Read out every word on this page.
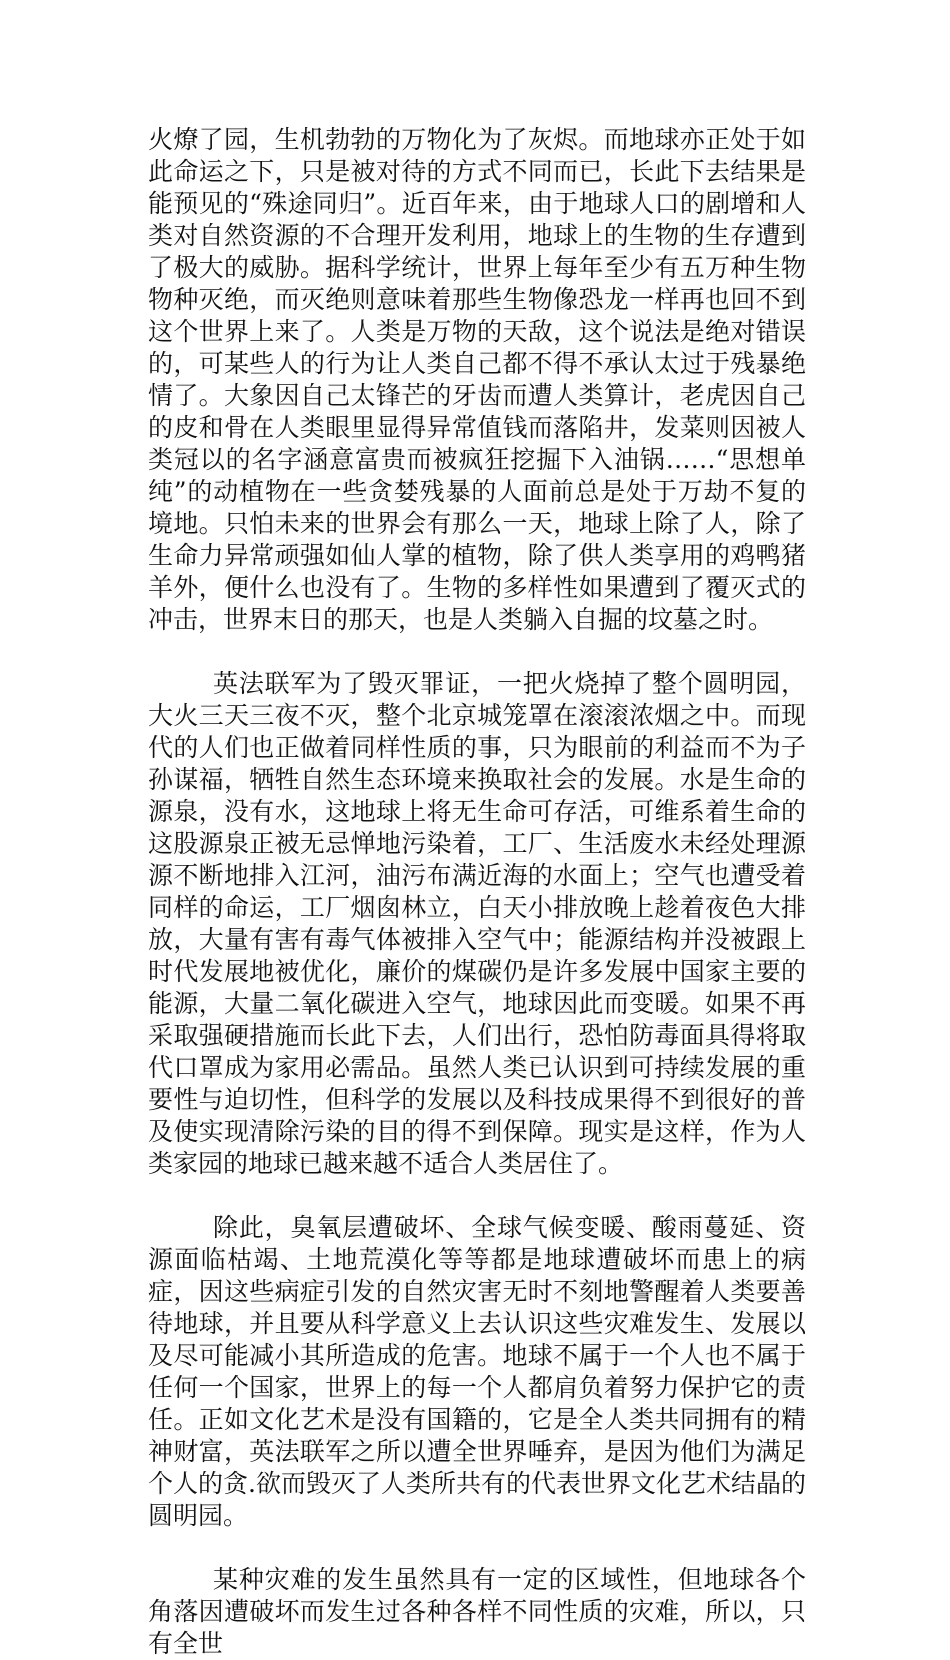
火燎了园，生机勃勃的万物化为了灰烬。而地球亦正处于如此命运之下，只是被对待的方式不同而已，长此下去结果是能预见的“殊途同归”。近百年来，由于地球人口的剧增和人类对自然资源的不合理开发利用，地球上的生物的生存遭到了极大的威胁。据科学统计，世界上每年至少有五万种生物物种灭绝，而灭绝则意味着那些生物像恐龙一样再也回不到这个世界上来了。人类是万物的天敌，这个说法是绝对错误的，可某些人的行为让人类自己都不得不承认太过于残暴绝情了。大象因自己太锋芒的牙齿而遭人类算计，老虎因自己的皮和骨在人类眼里显得异常值钱而落陷井，发菜则因被人类冠以的名字涵意富贵而被疯狂挖掘下入油锅……“思想单纯”的动植物在一些贪婪残暴的人面前总是处于万劫不复的境地。只怕未来的世界会有那么一天，地球上除了人，除了生命力异常顽强如仙人掌的植物，除了供人类享用的鸡鸭猪羊外，便什么也没有了。生物的多样性如果遭到了覆灭式的冲击，世界末日的那天，也是人类躺入自掘的坟墓之时。

英法联军为了毁灭罪证，一把火烧掉了整个圆明园，大火三天三夜不灭，整个北京城笼罩在滚滚浓烟之中。而现代的人们也正做着同样性质的事，只为眼前的利益而不为子孙谋福，牺牲自然生态环境来换取社会的发展。水是生命的源泉，没有水，这地球上将无生命可存活，可维系着生命的这股源泉正被无忌惮地污染着，工厂、生活废水未经处理源源不断地排入江河，油污布满近海的水面上；空气也遭受着同样的命运，工厂烟囱林立，白天小排放晚上趁着夜色大排放，大量有害有毒气体被排入空气中；能源结构并没被跟上时代发展地被优化，廉价的煤碳仍是许多发展中国家主要的能源，大量二氧化碳进入空气，地球因此而变暖。如果不再采取强硬措施而长此下去，人们出行，恐怕防毒面具得将取代口罩成为家用必需品。虽然人类已认识到可持续发展的重要性与迫切性，但科学的发展以及科技成果得不到很好的普及使实现清除污染的目的得不到保障。现实是这样，作为人类家园的地球已越来越不适合人类居住了。

除此，臭氧层遭破坏、全球气候变暖、酸雨蔓延、资源面临枯竭、土地荒漠化等等都是地球遭破坏而患上的病症，因这些病症引发的自然灾害无时不刻地警醒着人类要善待地球，并且要从科学意义上去认识这些灾难发生、发展以及尽可能减小其所造成的危害。地球不属于一个人也不属于任何一个国家，世界上的每一个人都肩负着努力保护它的责任。正如文化艺术是没有国籍的，它是全人类共同拥有的精神财富，英法联军之所以遭全世界唾弃，是因为他们为满足个人的贪.欲而毁灭了人类所共有的代表世界文化艺术结晶的圆明园。

某种灾难的发生虽然具有一定的区域性，但地球各个角落因遭破坏而发生过各种各样不同性质的灾难，所以，只有全世
